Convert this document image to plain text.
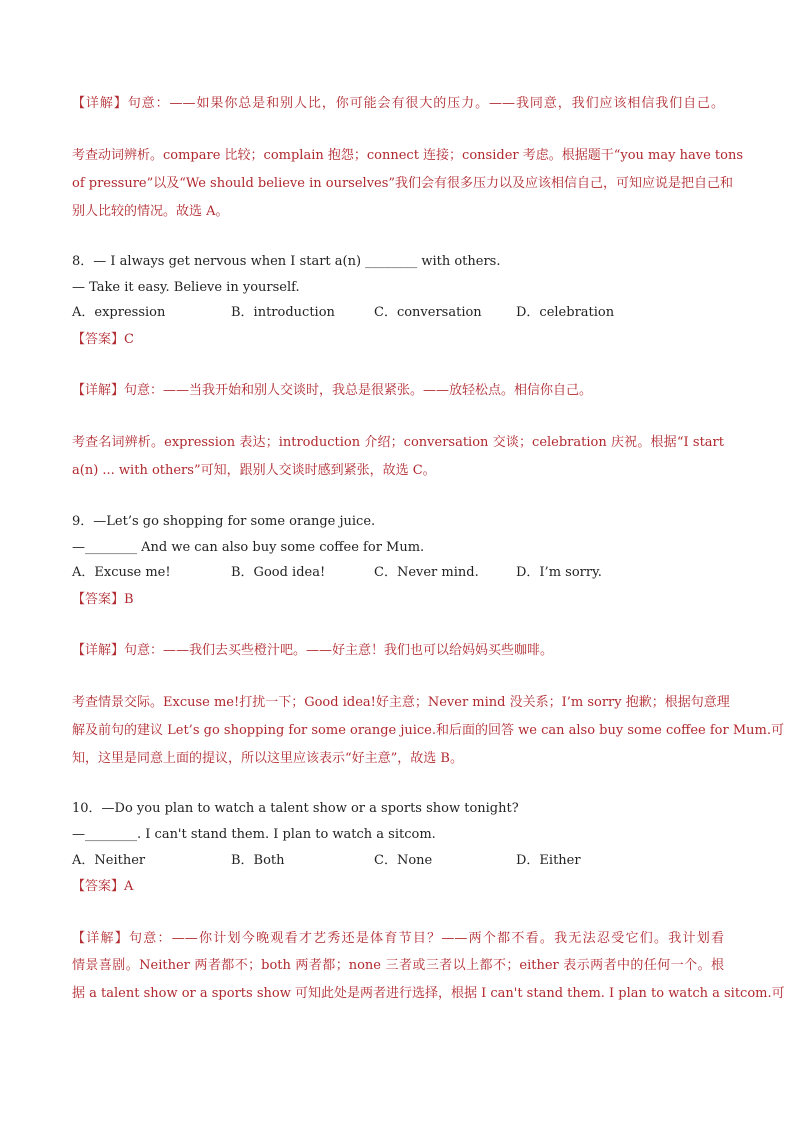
【详解】句意：——如果你总是和别人比，你可能会有很大的压力。——我同意，我们应该相信我们自己。
考查动词辨析。compare 比较；complain 抱怨；connect 连接；consider 考虑。根据题干“you may have tons
of pressure”以及“We should believe in ourselves”我们会有很多压力以及应该相信自己，可知应说是把自己和
别人比较的情况。故选 A。
8．— I always get nervous when I start a(n) ________ with others.
— Take it easy. Believe in yourself.
A．expression	B．introduction	C．conversation	D．celebration
【答案】C
【详解】句意：——当我开始和别人交谈时，我总是很紧张。——放轻松点。相信你自己。
考查名词辨析。expression 表达；introduction 介绍；conversation 交谈；celebration 庆祝。根据“I start
a(n) ... with others”可知，跟别人交谈时感到紧张，故选 C。
9．—Let’s go shopping for some orange juice.
—________ And we can also buy some coffee for Mum.
A．Excuse me!	B．Good idea!	C．Never mind.	D．I’m sorry.
【答案】B
【详解】句意：——我们去买些橙汁吧。——好主意！我们也可以给妈妈买些咖啡。
考查情景交际。Excuse me!打扰一下；Good idea!好主意；Never mind 没关系；I’m sorry 抱歉；根据句意理
解及前句的建议 Let’s go shopping for some orange juice.和后面的回答 we can also buy some coffee for Mum.可
知，这里是同意上面的提议，所以这里应该表示“好主意”，故选 B。
10．—Do you plan to watch a talent show or a sports show tonight?
—________. I can't stand them. I plan to watch a sitcom.
A．Neither	B．Both	C．None	D．Either
【答案】A
【详解】句意：——你计划今晚观看才艺秀还是体育节目？——两个都不看。我无法忍受它们。我计划看
情景喜剧。Neither 两者都不；both 两者都；none 三者或三者以上都不；either 表示两者中的任何一个。根
据 a talent show or a sports show 可知此处是两者进行选择，根据 I can't stand them. I plan to watch a sitcom.可
